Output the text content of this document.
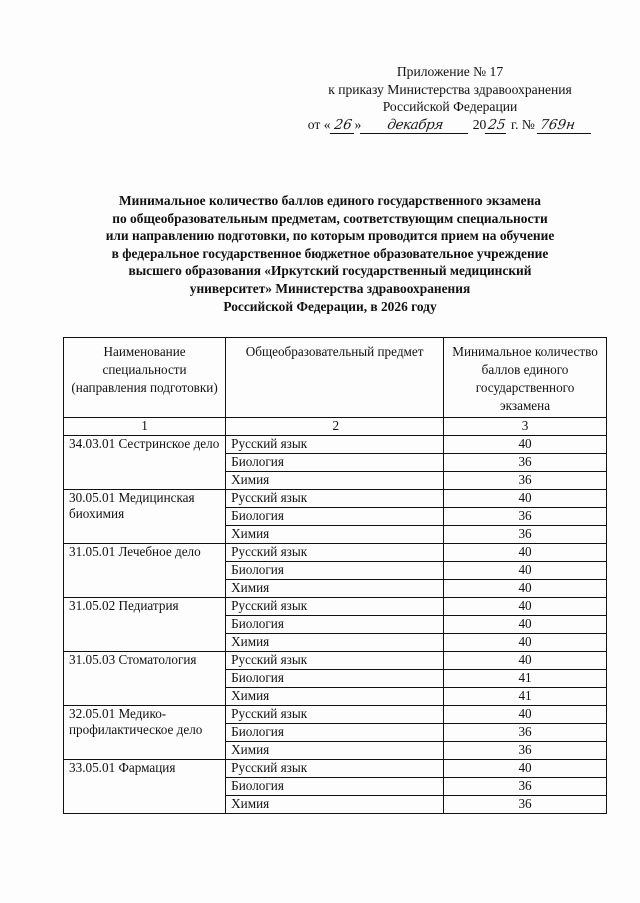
Приложение № 17
к приказу Министерства здравоохранения
Российской Федерации
от « 26 » декабря 2025 г. № 769н
Минимальное количество баллов единого государственного экзамена
по общеобразовательным предметам, соответствующим специальности
или направлению подготовки, по которым проводится прием на обучение
в федеральное государственное бюджетное образовательное учреждение
высшего образования «Иркутский государственный медицинский
университет» Министерства здравоохранения
Российской Федерации, в 2026 году
Наименование специальности (направления подготовки)	Общеобразовательный предмет	Минимальное количество баллов единого государственного экзамена
1	2	3
34.03.01 Сестринское дело	Русский язык	40
	Биология	36
	Химия	36
30.05.01 Медицинская биохимия	Русский язык	40
	Биология	36
	Химия	36
31.05.01 Лечебное дело	Русский язык	40
	Биология	40
	Химия	40
31.05.02 Педиатрия	Русский язык	40
	Биология	40
	Химия	40
31.05.03 Стоматология	Русский язык	40
	Биология	41
	Химия	41
32.05.01 Медико-профилактическое дело	Русский язык	40
	Биология	36
	Химия	36
33.05.01 Фармация	Русский язык	40
	Биология	36
	Химия	36
